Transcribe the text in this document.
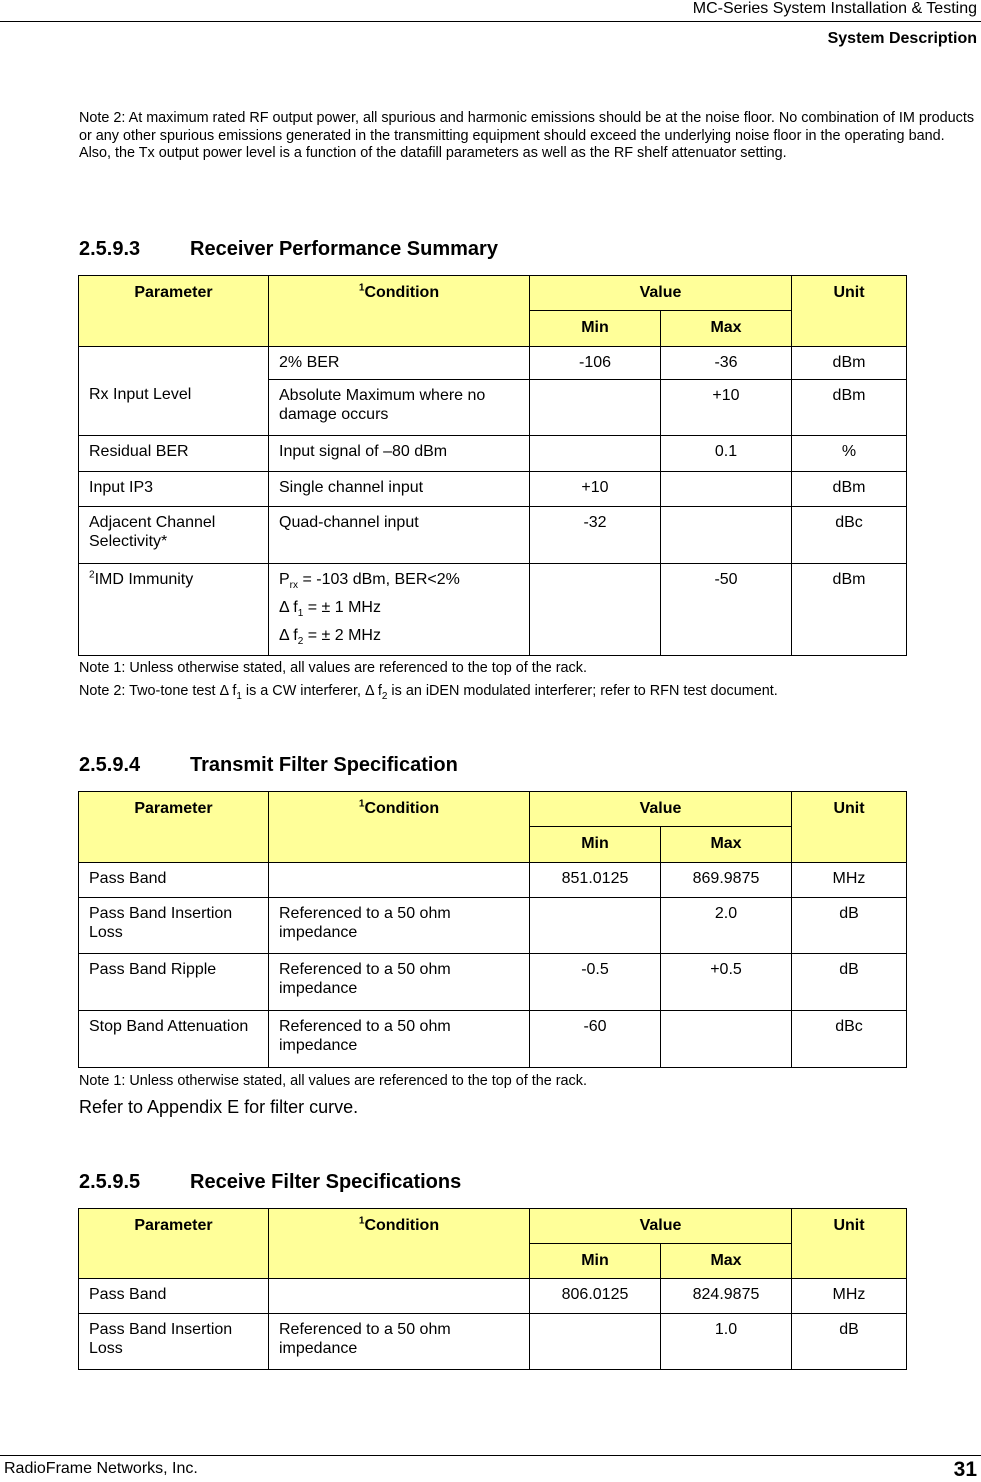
MC-Series System Installation & Testing
System Description
Note 2: At maximum rated RF output power, all spurious and harmonic emissions should be at the noise floor. No combination of IM products or any other spurious emissions generated in the transmitting equipment should exceed the underlying noise floor in the operating band. Also, the Tx output power level is a function of the datafill parameters as well as the RF shelf attenuator setting.
2.5.9.3 Receiver Performance Summary
Parameter	$^1$Condition	Value		Unit
		Min	Max	
Rx Input Level	2% BER	-106	-36	dBm
	Absolute Maximum where no damage occurs		+10	dBm
Residual BER	Input signal of –80 dBm		0.1	%
Input IP3	Single channel input	+10		dBm
Adjacent Channel Selectivity*	Quad-channel input	-32		dBc
$^2$IMD Immunity	$P_{rx} = -103$ dBm, BER<2%
Δ $f_1$ = ± 1 MHz
Δ $f_2$ = ± 2 MHz		-50	dBm
Note 1: Unless otherwise stated, all values are referenced to the top of the rack.
Note 2: Two-tone test Δ $f_1$ is a CW interferer, Δ $f_2$ is an iDEN modulated interferer; refer to RFN test document.
2.5.9.4 Transmit Filter Specification
Parameter	$^1$Condition	Value		Unit
		Min	Max	
Pass Band		851.0125	869.9875	MHz
Pass Band Insertion Loss	Referenced to a 50 ohm impedance		2.0	dB
Pass Band Ripple	Referenced to a 50 ohm impedance	-0.5	+0.5	dB
Stop Band Attenuation	Referenced to a 50 ohm impedance	-60		dBc
Note 1: Unless otherwise stated, all values are referenced to the top of the rack.
Refer to Appendix E for filter curve.
2.5.9.5 Receive Filter Specifications
Parameter	$^1$Condition	Value		Unit
		Min	Max	
Pass Band		806.0125	824.9875	MHz
Pass Band Insertion Loss	Referenced to a 50 ohm impedance		1.0	dB
RadioFrame Networks, Inc.	31
